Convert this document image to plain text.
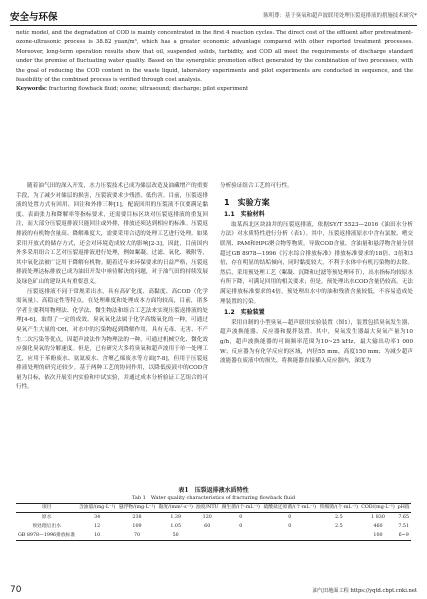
安全与环保	陈明尊：基于臭氧和超声波联用处理压裂返排液的措施技术研究*
netic model, and the degradation of COD is mainly concentrated in the first 4 reaction cycles. The direct cost of the effluent after pretreatment-ozone-ultrasonic process is 38.82 yuan/m³, which has a greater economic advantage compared with other reported treatment processes. Moreover, long-term operation results show that oil, suspended solids, turbidity, and COD all meet the requirements of discharge standard under the premise of fluctuating water quality. Based on the synergistic promotion effect generated by the combination of two processes, with the goal of reducing the COD content in the waste liquid, laboratory experiments and pilot experiments are conducted in sequence, and the feasibility of the combined process is verified through cost analysis.
Keywords: fracturing flowback fluid; ozone; ultrasound; discharge; pilot experiment

随着油气田的深入开发，水力压裂技术已成为储层改造及油藏增产的重要手段，为了减少对储层的损害，压裂液要求少残渣、低伤害。目前，压裂返排液的处置方式有回用、回注和外排三种[1]，配液回用的压裂液不仅要满足黏度、表面张力和降解率等指标要求，还需要目标区块对压裂返排液的重复回注，而大部分压裂返排液只能回注或外排，排放还须达到相应的标准。压裂返排液的有机物含量高、降解难度大，需要采用合适的处理工艺进行处理。如果采用开放式的储存方式，还会对环境造成较大的影响[2-3]，因此，目前国内外多采用组合工艺对压裂返排液进行处理，例如絮凝、过滤、氧化、吸附等，其中氧化法被广泛用于降解有机物。随着近年来环保要求的日益严格，压裂返排液处理达标排放已成为油田开发中亟待解决的问题，对于油气田的持续发展及绿色矿山的建设具有重要意义。

压裂返排液不同于常规采出水，具有高矿化度、高黏度、高COD（化学需氧量）、高稳定性等特点，在处理难度和处理成本方面均较高，目前，诸多学者主要利用物理法、化学法、微生物法和组合工艺法来实现压裂返排液的处理[4-6]，取得了一定的成效。臭氧氧化法属于化学高级氧化的一种，可通过臭氧产生大量的·OH，对水中的污染物起到降解作用，具有无毒、无害、不产生二次污染等优点，因超声波法作为物理法的一种，可通过机械空化、微化效应强化臭氧的分解速度。但是，已有研究大多将臭氧和超声波用于单一处理工艺，应用于苯酚废水、氨氮废水、含聚乙烯废水等方面[7-8]，但用于压裂返排液处理的研究还较少。基于两种工艺的协同作用，以降低废液中的COD含量为目标，依次开展室内实验和中试实验，并通过成本分析验证工艺组合的可行性。

分析验证组合工艺的可行性。

1　实验方案
1.1　实验材料

取某西北区块油井的压裂返排液，依据SY/T 5523—2016《油田水分析方法》对水质特性进行分析（表1）。其中，压裂返排液原水中含有氯胺、嗜交联剂、PAM和HPG聚合物等物质，导致COD含量、含油量和悬浮物含量分别超过GB 8978—1996《污水综合排放标准》排放标准要求的18倍、3倍和3倍，存在明显的结垢倾向，同时黏度较大，不利于水体中有机污染物的去除。然后，采用预处理工艺（絮凝、沉降和过滤等预处理环节），出水指标均较原水有所下降，可满足回用的相关要求；但是，预处理出水COD含量仍较高，无法满足排放标准要求的4倍。预处理出水中的油和残渣含量较低，不容易造成处理装置的污染。

1.2　实验装置

采用自制的小型臭氧—超声联用实验装置（图1），装置包括臭氧发生器、超声波换能器、反应器和搅拌装置。其中，臭氧发生器最大臭氧产量为10 g/h，超声波换能器的可调频率范围为10~25 kHz，最大输出功率1 000 W；反应器为有化学反应的区域，内径55 mm，高度150 mm；为减少超声波能器在废液中的损失，将换能器直接插入反应器内，深度为

表1　压裂返排液水质特性
Tab 1　Water quality characteristics of fracturing flowback fluid
项目	含油量/(mg·L⁻¹)	悬浮物/(mg·L⁻¹)	黏度/(mm²·s⁻¹)	浊度/NTU	腐生菌/(个·mL⁻¹)	硫酸盐还原菌/(个·mL⁻¹)	铁细菌/(个·mL⁻¹)	COD/(mg·L⁻¹)	pH值
原水	34	238	1.39	120	0	0	2.5	1 830	7.65
预处理后出水	12	109	1.05	60	0	0	2.5	460	7.51
GB 8978—1996排放标准	10	70	50					100	6~9
70	油气田地面工程 https://yqtd.cbpt.cnki.net
